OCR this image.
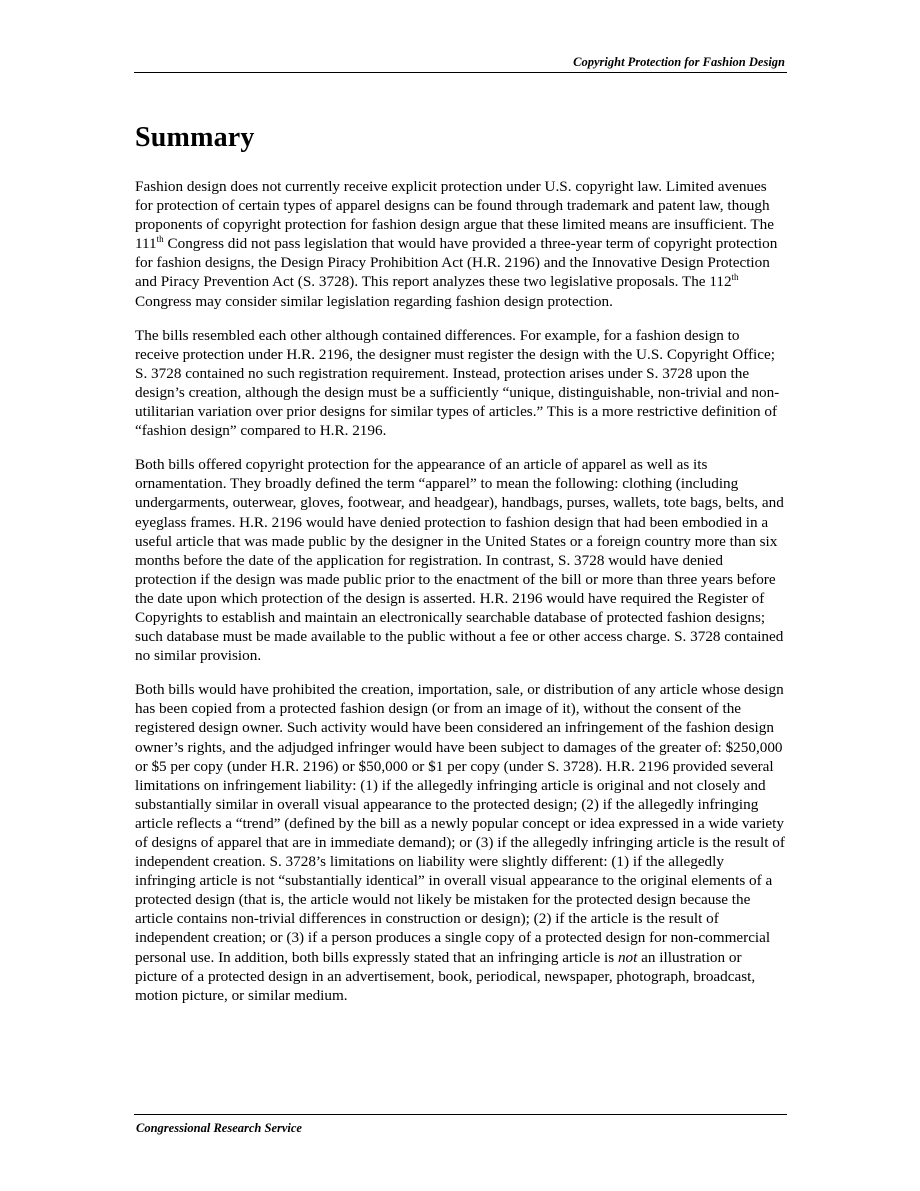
Copyright Protection for Fashion Design
Summary

Fashion design does not currently receive explicit protection under U.S. copyright law. Limited avenues for protection of certain types of apparel designs can be found through trademark and patent law, though proponents of copyright protection for fashion design argue that these limited means are insufficient. The 111th Congress did not pass legislation that would have provided a three-year term of copyright protection for fashion designs, the Design Piracy Prohibition Act (H.R. 2196) and the Innovative Design Protection and Piracy Prevention Act (S. 3728). This report analyzes these two legislative proposals. The 112th Congress may consider similar legislation regarding fashion design protection.

The bills resembled each other although contained differences. For example, for a fashion design to receive protection under H.R. 2196, the designer must register the design with the U.S. Copyright Office; S. 3728 contained no such registration requirement. Instead, protection arises under S. 3728 upon the design’s creation, although the design must be a sufficiently “unique, distinguishable, non-trivial and non-utilitarian variation over prior designs for similar types of articles.” This is a more restrictive definition of “fashion design” compared to H.R. 2196.

Both bills offered copyright protection for the appearance of an article of apparel as well as its ornamentation. They broadly defined the term “apparel” to mean the following: clothing (including undergarments, outerwear, gloves, footwear, and headgear), handbags, purses, wallets, tote bags, belts, and eyeglass frames. H.R. 2196 would have denied protection to fashion design that had been embodied in a useful article that was made public by the designer in the United States or a foreign country more than six months before the date of the application for registration. In contrast, S. 3728 would have denied protection if the design was made public prior to the enactment of the bill or more than three years before the date upon which protection of the design is asserted. H.R. 2196 would have required the Register of Copyrights to establish and maintain an electronically searchable database of protected fashion designs; such database must be made available to the public without a fee or other access charge. S. 3728 contained no similar provision.

Both bills would have prohibited the creation, importation, sale, or distribution of any article whose design has been copied from a protected fashion design (or from an image of it), without the consent of the registered design owner. Such activity would have been considered an infringement of the fashion design owner’s rights, and the adjudged infringer would have been subject to damages of the greater of: $250,000 or $5 per copy (under H.R. 2196) or $50,000 or $1 per copy (under S. 3728). H.R. 2196 provided several limitations on infringement liability: (1) if the allegedly infringing article is original and not closely and substantially similar in overall visual appearance to the protected design; (2) if the allegedly infringing article reflects a “trend” (defined by the bill as a newly popular concept or idea expressed in a wide variety of designs of apparel that are in immediate demand); or (3) if the allegedly infringing article is the result of independent creation. S. 3728’s limitations on liability were slightly different: (1) if the allegedly infringing article is not “substantially identical” in overall visual appearance to the original elements of a protected design (that is, the article would not likely be mistaken for the protected design because the article contains non-trivial differences in construction or design); (2) if the article is the result of independent creation; or (3) if a person produces a single copy of a protected design for non-commercial personal use. In addition, both bills expressly stated that an infringing article is not an illustration or picture of a protected design in an advertisement, book, periodical, newspaper, photograph, broadcast, motion picture, or similar medium.

Congressional Research Service
